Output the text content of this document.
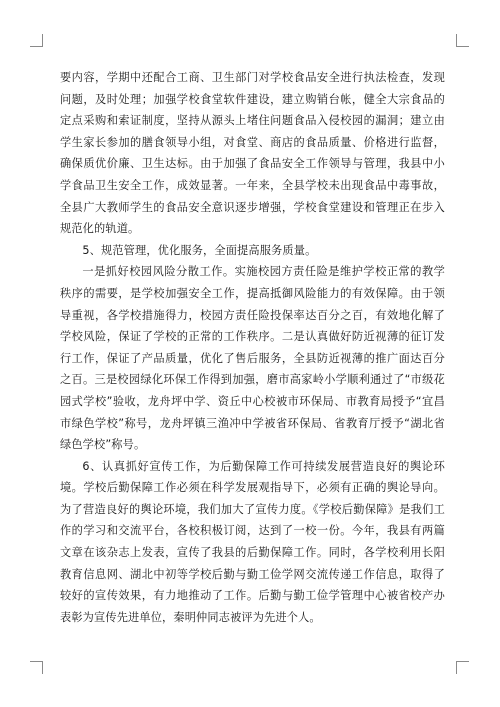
要内容，学期中还配合工商、卫生部门对学校食品安全进行执法检查，发现问题，及时处理；加强学校食堂软件建设，建立购销台帐，健全大宗食品的定点采购和索证制度，坚持从源头上堵住问题食品入侵校园的漏洞；建立由学生家长参加的膳食领导小组，对食堂、商店的食品质量、价格进行监督，确保质优价廉、卫生达标。由于加强了食品安全工作领导与管理，我县中小学食品卫生安全工作，成效显著。一年来，全县学校未出现食品中毒事故，全县广大教师学生的食品安全意识逐步增强，学校食堂建设和管理正在步入规范化的轨道。

5、规范管理，优化服务，全面提高服务质量。

一是抓好校园风险分散工作。实施校园方责任险是维护学校正常的教学秩序的需要，是学校加强安全工作，提高抵御风险能力的有效保障。由于领导重视，各学校措施得力，校园方责任险投保率达百分之百，有效地化解了学校风险，保证了学校的正常的工作秩序。二是认真做好防近视薄的征订发行工作，保证了产品质量，优化了售后服务，全县防近视薄的推广面达百分之百。三是校园绿化环保工作得到加强，磨市高家岭小学顺利通过了“市级花园式学校”验收，龙舟坪中学、资丘中心校被市环保局、市教育局授予“宜昌市绿色学校”称号，龙舟坪镇三渔冲中学被省环保局、省教育厅授予“湖北省绿色学校”称号。

6、认真抓好宣传工作，为后勤保障工作可持续发展营造良好的舆论环境。学校后勤保障工作必须在科学发展观指导下，必须有正确的舆论导向。为了营造良好的舆论环境，我们加大了宣传力度。《学校后勤保障》是我们工作的学习和交流平台，各校积极订阅，达到了一校一份。今年，我县有两篇文章在该杂志上发表，宣传了我县的后勤保障工作。同时，各学校利用长阳教育信息网、湖北中初等学校后勤与勤工俭学网交流传递工作信息，取得了较好的宣传效果，有力地推动了工作。后勤与勤工俭学管理中心被省校产办表彰为宣传先进单位，秦明仲同志被评为先进个人。
